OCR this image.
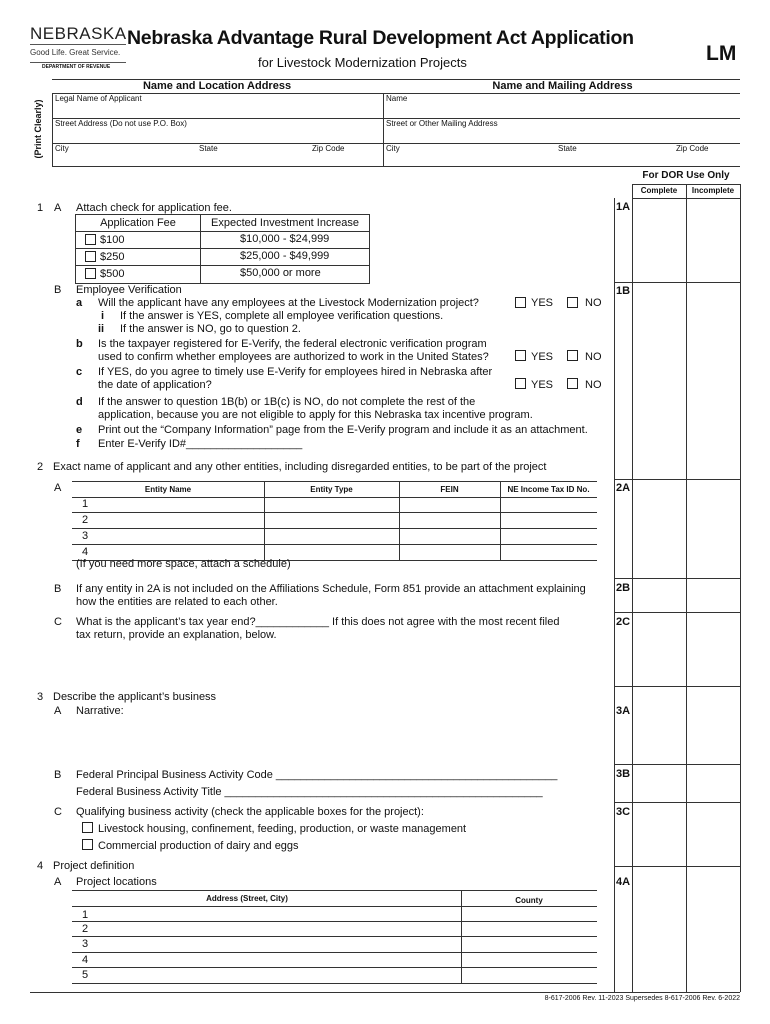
NEBRASKA
Good Life. Great Service.
DEPARTMENT OF REVENUE
Nebraska Advantage Rural Development Act Application
for Livestock Modernization Projects	LM
Name and Location Address	Name and Mailing Address
(Print Clearly)
Legal Name of Applicant	Name
Street Address (Do not use P.O. Box)	Street or Other Mailing Address
City	State	Zip Code	City	State	Zip Code
For DOR Use Only
Complete	Incomplete
1A
1B
2A
2B
2C
3A
3B
3C
4A
1 A Attach check for application fee.
Application Fee	Expected Investment Increase
$100	$10,000 - $24,999
$250	$25,000 - $49,999
$500	$50,000 or more
B Employee Verification
a Will the applicant have any employees at the Livestock Modernization project?
i If the answer is YES, complete all employee verification questions.
ii If the answer is NO, go to question 2.
b Is the taxpayer registered for E-Verify, the federal electronic verification program
used to confirm whether employees are authorized to work in the United States?
c If YES, do you agree to timely use E-Verify for employees hired in Nebraska after
the date of application?
d If the answer to question 1B(b) or 1B(c) is NO, do not complete the rest of the
application, because you are not eligible to apply for this Nebraska tax incentive program.
e Print out the “Company Information” page from the E-Verify program and include it as an attachment.
f Enter E-Verify ID#___________________
YES	NO
YES	NO
YES	NO
2 Exact name of applicant and any other entities, including disregarded entities, to be part of the project
A	Entity Name	Entity Type	FEIN	NE Income Tax ID No.
1
2
3
4
(If you need more space, attach a schedule)
B If any entity in 2A is not included on the Affiliations Schedule, Form 851 provide an attachment explaining
how the entities are related to each other.
C What is the applicant’s tax year end?____________ If this does not agree with the most recent filed
tax return, provide an explanation, below.
3 Describe the applicant’s business
A Narrative:
B Federal Principal Business Activity Code ______________________________________________
Federal Business Activity Title ____________________________________________________
C Qualifying business activity (check the applicable boxes for the project):
Livestock housing, confinement, feeding, production, or waste management
Commercial production of dairy and eggs
4 Project definition
A Project locations
Address (Street, City)	County
1
2
3
4
5
8-617-2006 Rev. 11-2023 Supersedes 8-617-2006 Rev. 6-2022
